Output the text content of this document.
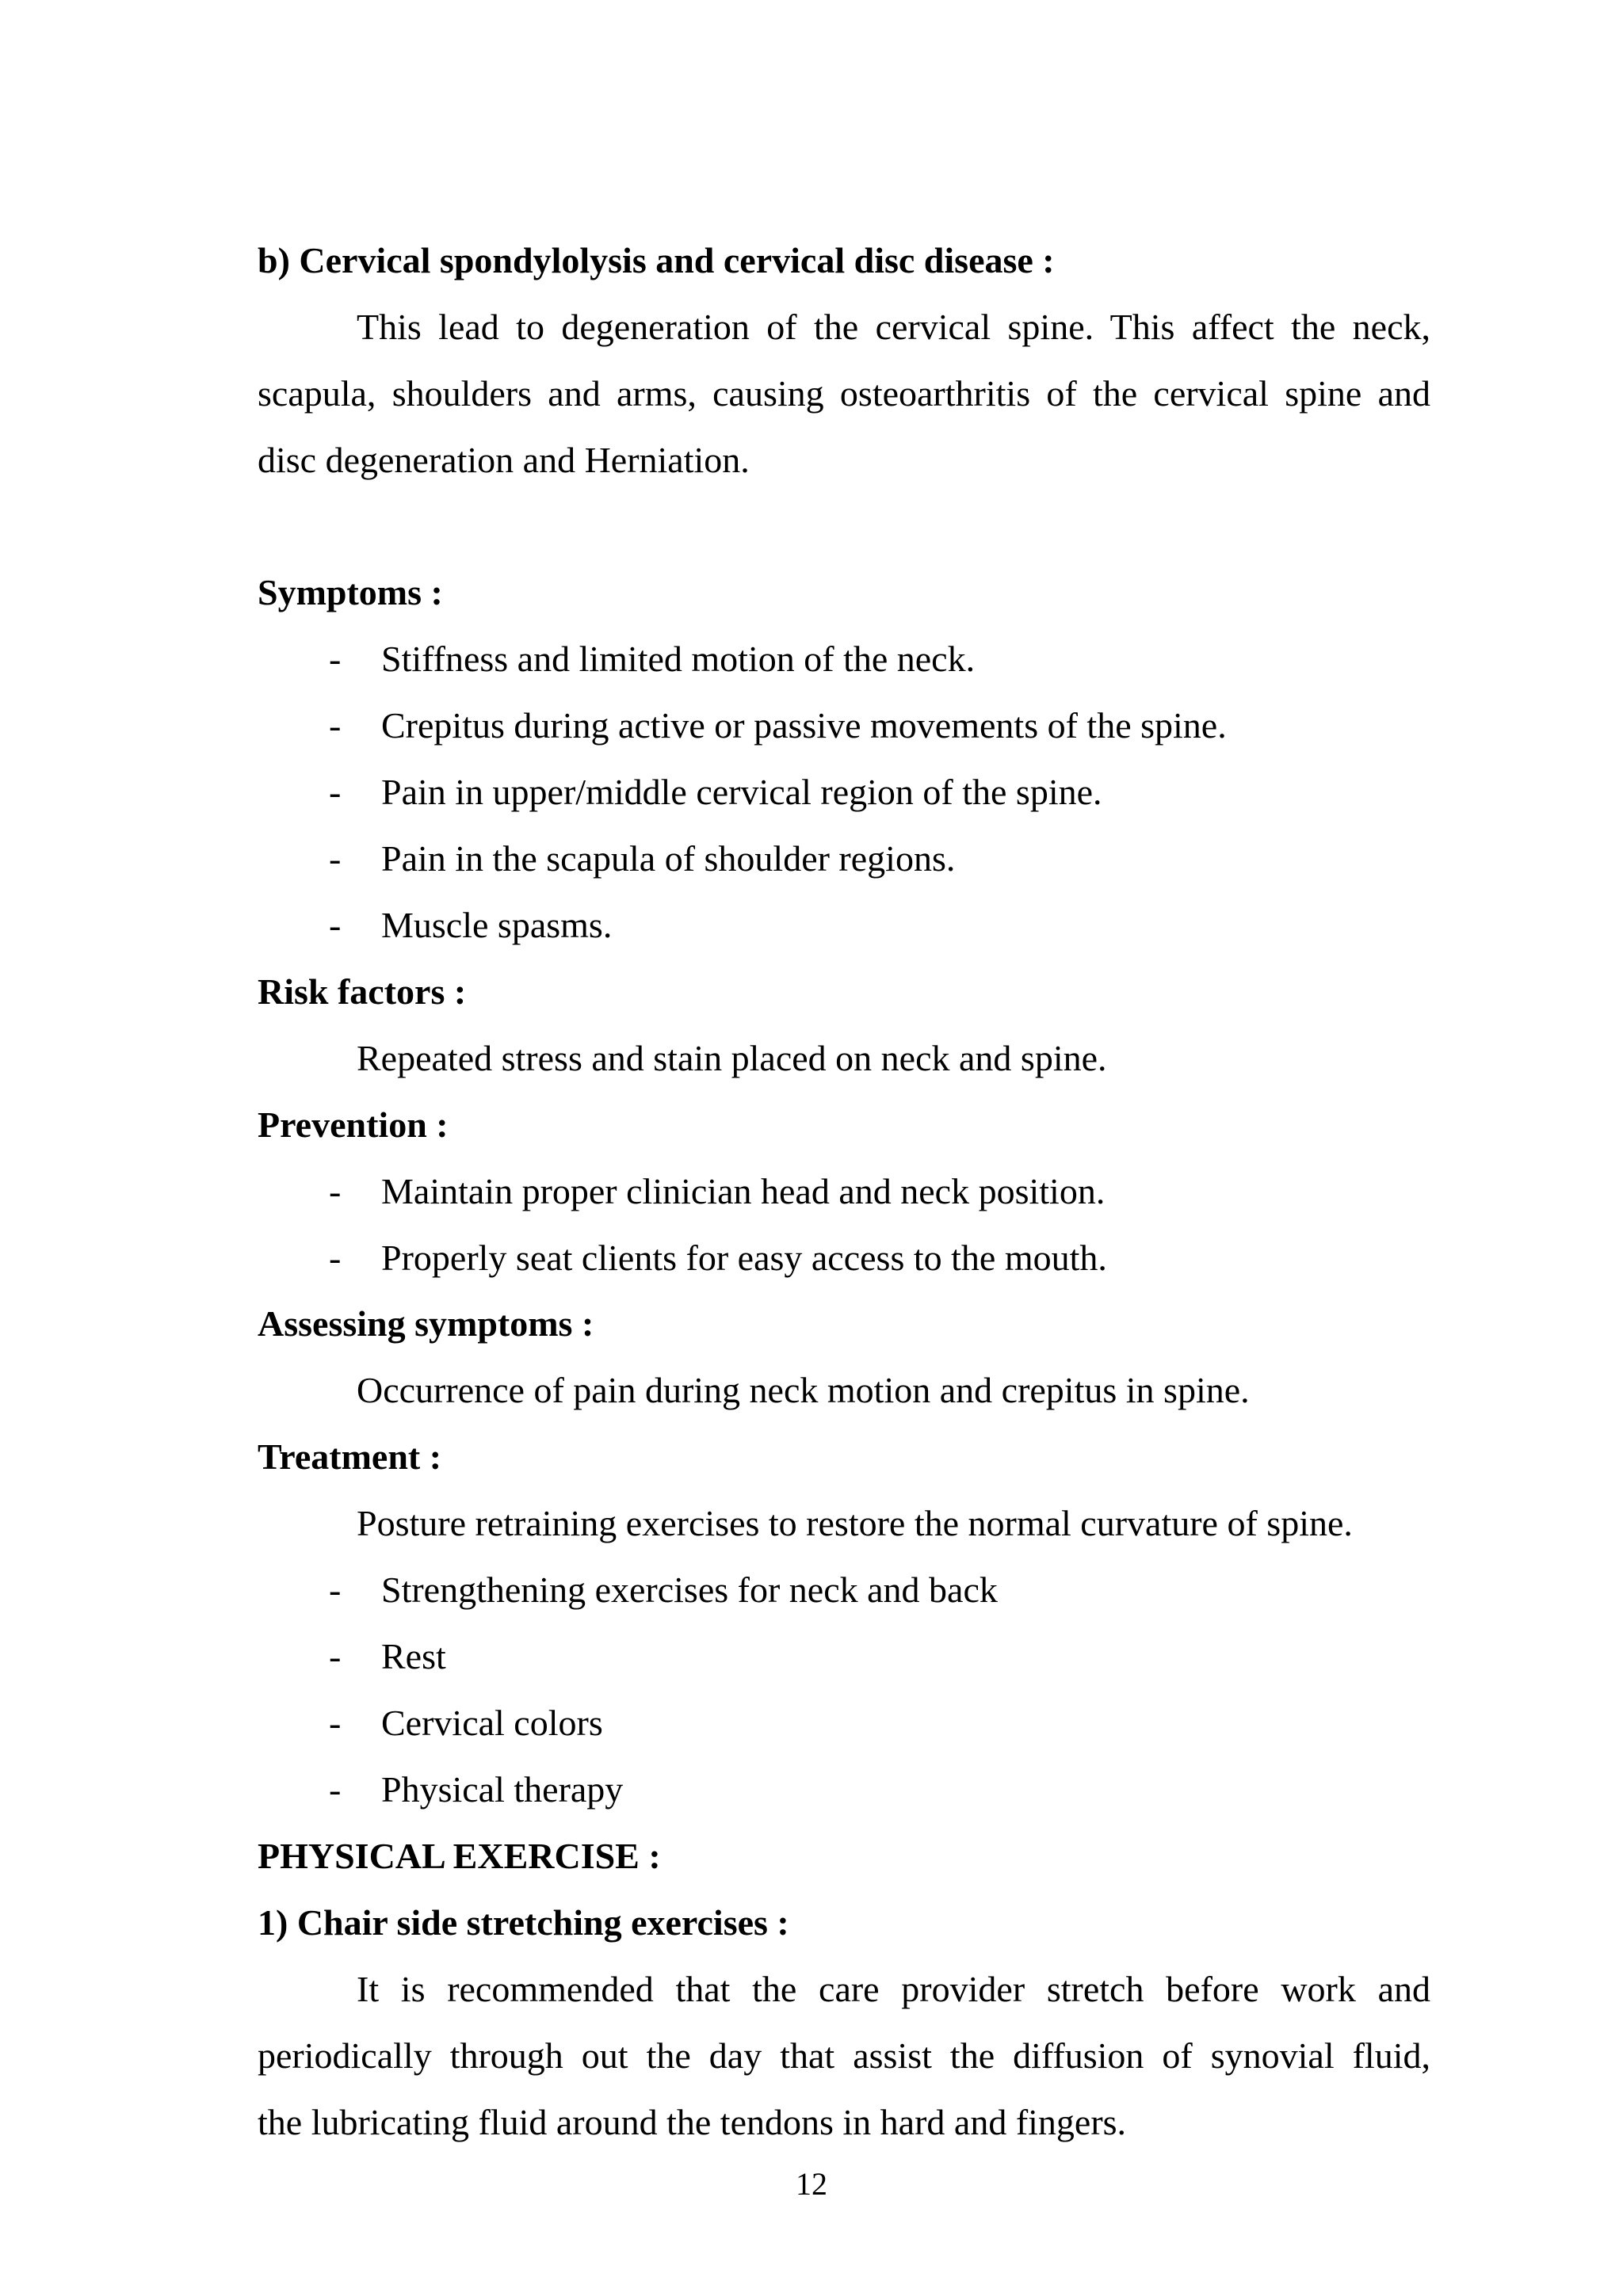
b) Cervical spondylolysis and cervical disc disease :
This lead to degeneration of the cervical spine. This affect the neck,
scapula, shoulders and arms, causing osteoarthritis of the cervical spine and
disc degeneration and Herniation.
Symptoms :
- Stiffness and limited motion of the neck.
- Crepitus during active or passive movements of the spine.
- Pain in upper/middle cervical region of the spine.
- Pain in the scapula of shoulder regions.
- Muscle spasms.
Risk factors :
Repeated stress and stain placed on neck and spine.
Prevention :
- Maintain proper clinician head and neck position.
- Properly seat clients for easy access to the mouth.
Assessing symptoms :
Occurrence of pain during neck motion and crepitus in spine.
Treatment :
Posture retraining exercises to restore the normal curvature of spine.
- Strengthening exercises for neck and back
- Rest
- Cervical colors
- Physical therapy
PHYSICAL EXERCISE :
1) Chair side stretching exercises :
It is recommended that the care provider stretch before work and
periodically through out the day that assist the diffusion of synovial fluid,
the lubricating fluid around the tendons in hard and fingers.
12
